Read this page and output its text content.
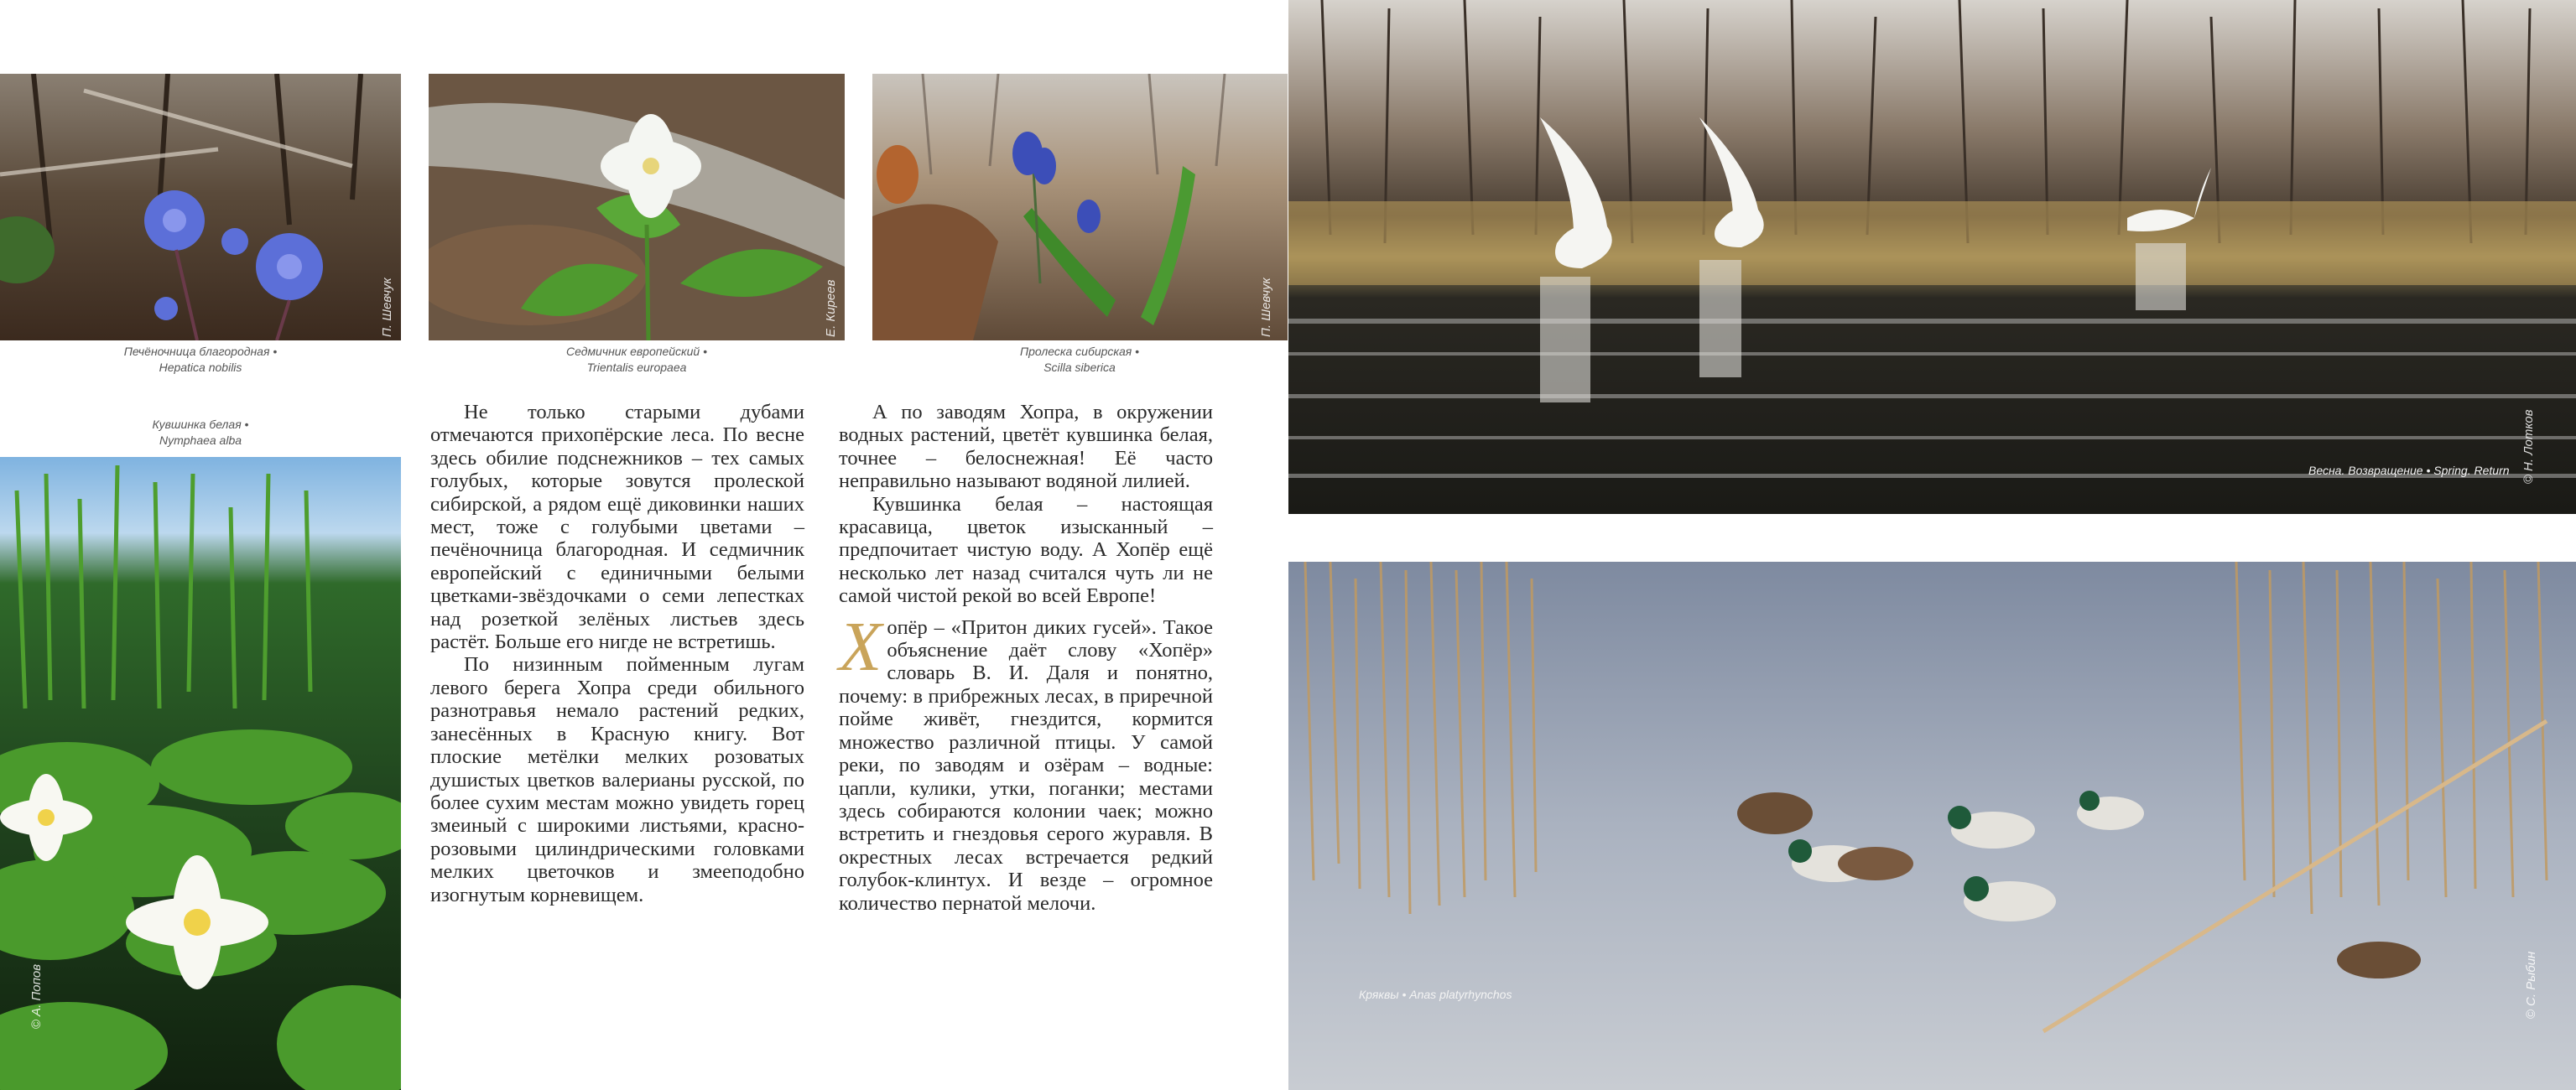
©П. Шевчук
©Е. Киреев
©П. Шевчук
Печёночница благородная •
Hepatica nobilis
Седмичник европейский •
Trientalis europaea
Пролеска сибирская •
Scilla siberica
Кувшинка белая •
Nymphaea alba
©А. Попов

Не только старыми дубами отмечаются прихопёрские леса. По весне здесь обилие подснежников – тех самых голубых, которые зовутся пролеской сибирской, а рядом ещё диковинки наших мест, тоже с голубыми цветами – печёночница благородная. И седмичник европейский с единичными белыми цветками-звёздочками о семи лепестках над розеткой зелёных листьев здесь растёт. Больше его нигде не встретишь.

По низинным пойменным лугам левого берега Хопра среди обильного разнотравья немало растений редких, занесённых в Красную книгу. Вот плоские метёлки мелких розоватых душистых цветков валерианы русской, по более сухим местам можно увидеть горец змеиный с широкими листьями, красно-розовыми цилиндрическими головками мелких цветочков и змееподобно изогнутым корневищем.

А по заводям Хопра, в окружении водных растений, цветёт кувшинка белая, точнее – белоснежная! Её часто неправильно называют водяной лилией.

Кувшинка белая – настоящая красавица, цветок изысканный – предпочитает чистую воду. А Хопёр ещё несколько лет назад считался чуть ли не самой чистой рекой во всей Европе!

Хопёр – «Притон диких гусей». Такое объяснение даёт слову «Хопёр» словарь В. И. Даля и понятно, почему: в прибрежных лесах, в приречной пойме живёт, гнездится, кормится множество различной птицы. У самой реки, по заводям и озёрам – водные: цапли, кулики, утки, поганки; местами здесь собираются колонии чаек; можно встретить и гнездовья серого журавля. В окрестных лесах встречается редкий голубок-клинтух. И везде – огромное количество пернатой мелочи.

Весна. Возвращение • Spring. Return
©Н. Лотков
Кряквы • Anas platyrhynchos
©С. Рыбин
